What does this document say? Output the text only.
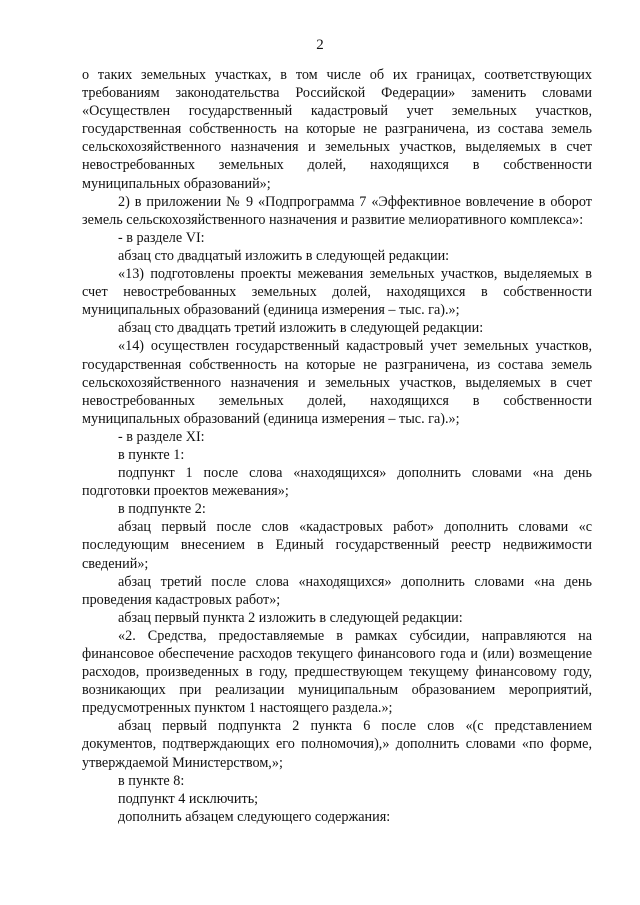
2

о таких земельных участках, в том числе об их границах, соответствующих требованиям законодательства Российской Федерации» заменить словами «Осуществлен государственный кадастровый учет земельных участков, государственная собственность на которые не разграничена, из состава земель сельскохозяйственного назначения и земельных участков, выделяемых в счет невостребованных земельных долей, находящихся в собственности муниципальных образований»;

2) в приложении № 9 «Подпрограмма 7 «Эффективное вовлечение в оборот земель сельскохозяйственного назначения и развитие мелиоративного комплекса»:

- в разделе VI:

абзац сто двадцатый изложить в следующей редакции:

«13) подготовлены проекты межевания земельных участков, выделяемых в счет невостребованных земельных долей, находящихся в собственности муниципальных образований (единица измерения – тыс. га).»;

абзац сто двадцать третий изложить в следующей редакции:

«14) осуществлен государственный кадастровый учет земельных участков, государственная собственность на которые не разграничена, из состава земель сельскохозяйственного назначения и земельных участков, выделяемых в счет невостребованных земельных долей, находящихся в собственности муниципальных образований (единица измерения – тыс. га).»;

- в разделе XI:

в пункте 1:

подпункт 1 после слова «находящихся» дополнить словами «на день подготовки проектов межевания»;

в подпункте 2:

абзац первый после слов «кадастровых работ» дополнить словами «с последующим внесением в Единый государственный реестр недвижимости сведений»;

абзац третий после слова «находящихся» дополнить словами «на день проведения кадастровых работ»;

абзац первый пункта 2 изложить в следующей редакции:

«2. Средства, предоставляемые в рамках субсидии, направляются на финансовое обеспечение расходов текущего финансового года и (или) возмещение расходов, произведенных в году, предшествующем текущему финансовому году, возникающих при реализации муниципальным образованием мероприятий, предусмотренных пунктом 1 настоящего раздела.»;

абзац первый подпункта 2 пункта 6 после слов «(с представлением документов, подтверждающих его полномочия),» дополнить словами «по форме, утверждаемой Министерством,»;

в пункте 8:

подпункт 4 исключить;

дополнить абзацем следующего содержания:
